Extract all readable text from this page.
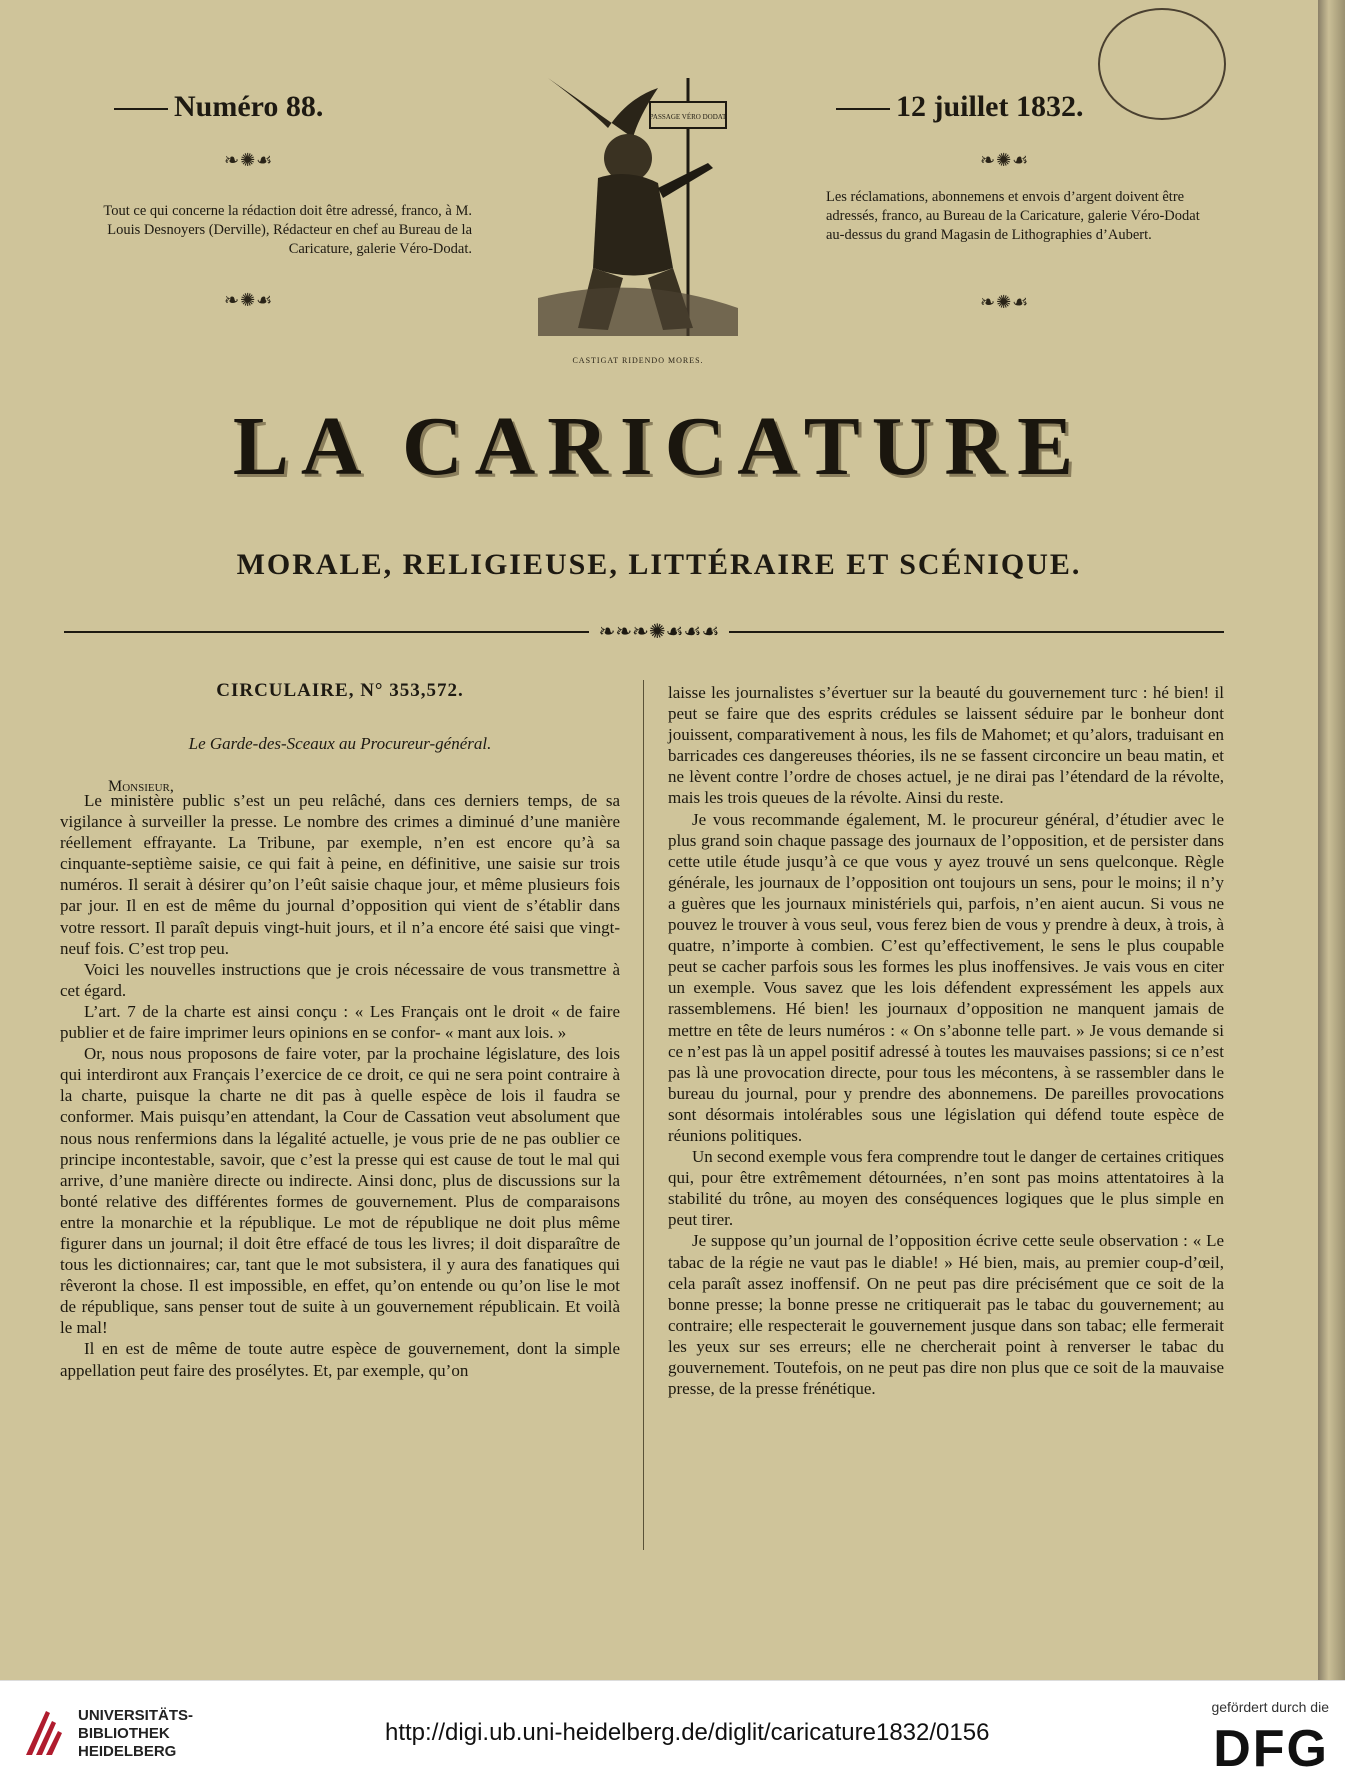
Numéro 88.	12 juillet 1832.
❧✺☙
❧✺☙
❧✺☙
❧✺☙
Tout ce qui concerne la rédaction doit être adressé, franco, à M. Louis Desnoyers (Derville), Rédacteur en chef au Bureau de la Caricature, galerie Véro-Dodat.
Les réclamations, abonnemens et envois d’argent doivent être adressés, franco, au Bureau de la Caricature, galerie Véro-Dodat au-dessus du grand Magasin de Lithographies d’Aubert.
PASSAGE VÉRO DODAT
CASTIGAT RIDENDO MORES.
LA CARICATURE
MORALE, RELIGIEUSE, LITTÉRAIRE ET SCÉNIQUE.
❧❧❧✺☙☙☙
CIRCULAIRE, N° 353,572.
Le Garde-des-Sceaux au Procureur-général.
Monsieur,

Le ministère public s’est un peu relâché, dans ces derniers temps, de sa vigilance à surveiller la presse. Le nombre des crimes a diminué d’une manière réellement effrayante. La Tribune, par exemple, n’en est encore qu’à sa cinquante-septième saisie, ce qui fait à peine, en définitive, une saisie sur trois numéros. Il serait à désirer qu’on l’eût saisie chaque jour, et même plusieurs fois par jour. Il en est de même du journal d’opposition qui vient de s’établir dans votre ressort. Il paraît depuis vingt-huit jours, et il n’a encore été saisi que vingt-neuf fois. C’est trop peu.

Voici les nouvelles instructions que je crois nécessaire de vous transmettre à cet égard.

L’art. 7 de la charte est ainsi conçu : « Les Français ont le droit « de faire publier et de faire imprimer leurs opinions en se confor- « mant aux lois. »

Or, nous nous proposons de faire voter, par la prochaine législature, des lois qui interdiront aux Français l’exercice de ce droit, ce qui ne sera point contraire à la charte, puisque la charte ne dit pas à quelle espèce de lois il faudra se conformer. Mais puisqu’en attendant, la Cour de Cassation veut absolument que nous nous renfermions dans la légalité actuelle, je vous prie de ne pas oublier ce principe incontestable, savoir, que c’est la presse qui est cause de tout le mal qui arrive, d’une manière directe ou indirecte. Ainsi donc, plus de discussions sur la bonté relative des différentes formes de gouvernement. Plus de comparaisons entre la monarchie et la république. Le mot de république ne doit plus même figurer dans un journal; il doit être effacé de tous les livres; il doit disparaître de tous les dictionnaires; car, tant que le mot subsistera, il y aura des fanatiques qui rêveront la chose. Il est impossible, en effet, qu’on entende ou qu’on lise le mot de république, sans penser tout de suite à un gouvernement républicain. Et voilà le mal!

Il en est de même de toute autre espèce de gouvernement, dont la simple appellation peut faire des prosélytes. Et, par exemple, qu’on

laisse les journalistes s’évertuer sur la beauté du gouvernement turc : hé bien! il peut se faire que des esprits crédules se laissent séduire par le bonheur dont jouissent, comparativement à nous, les fils de Mahomet; et qu’alors, traduisant en barricades ces dangereuses théories, ils ne se fassent circoncire un beau matin, et ne lèvent contre l’ordre de choses actuel, je ne dirai pas l’étendard de la révolte, mais les trois queues de la révolte. Ainsi du reste.

Je vous recommande également, M. le procureur général, d’étudier avec le plus grand soin chaque passage des journaux de l’opposition, et de persister dans cette utile étude jusqu’à ce que vous y ayez trouvé un sens quelconque. Règle générale, les journaux de l’opposition ont toujours un sens, pour le moins; il n’y a guères que les journaux ministériels qui, parfois, n’en aient aucun. Si vous ne pouvez le trouver à vous seul, vous ferez bien de vous y prendre à deux, à trois, à quatre, n’importe à combien. C’est qu’effectivement, le sens le plus coupable peut se cacher parfois sous les formes les plus inoffensives. Je vais vous en citer un exemple. Vous savez que les lois défendent expressément les appels aux rassemblemens. Hé bien! les journaux d’opposition ne manquent jamais de mettre en tête de leurs numéros : « On s’abonne telle part. » Je vous demande si ce n’est pas là un appel positif adressé à toutes les mauvaises passions; si ce n’est pas là une provocation directe, pour tous les mécontens, à se rassembler dans le bureau du journal, pour y prendre des abonnemens. De pareilles provocations sont désormais intolérables sous une législation qui défend toute espèce de réunions politiques.

Un second exemple vous fera comprendre tout le danger de certaines critiques qui, pour être extrêmement détournées, n’en sont pas moins attentatoires à la stabilité du trône, au moyen des conséquences logiques que le plus simple en peut tirer.

Je suppose qu’un journal de l’opposition écrive cette seule observation : « Le tabac de la régie ne vaut pas le diable! » Hé bien, mais, au premier coup-d’œil, cela paraît assez inoffensif. On ne peut pas dire précisément que ce soit de la bonne presse; la bonne presse ne critiquerait pas le tabac du gouvernement; au contraire; elle respecterait le gouvernement jusque dans son tabac; elle fermerait les yeux sur ses erreurs; elle ne chercherait point à renverser le tabac du gouvernement. Toutefois, on ne peut pas dire non plus que ce soit de la mauvaise presse, de la presse frénétique.

UNIVERSITÄTS-
BIBLIOTHEK
HEIDELBERG
http://digi.ub.uni-heidelberg.de/diglit/caricature1832/0156
gefördert durch die
DFG
